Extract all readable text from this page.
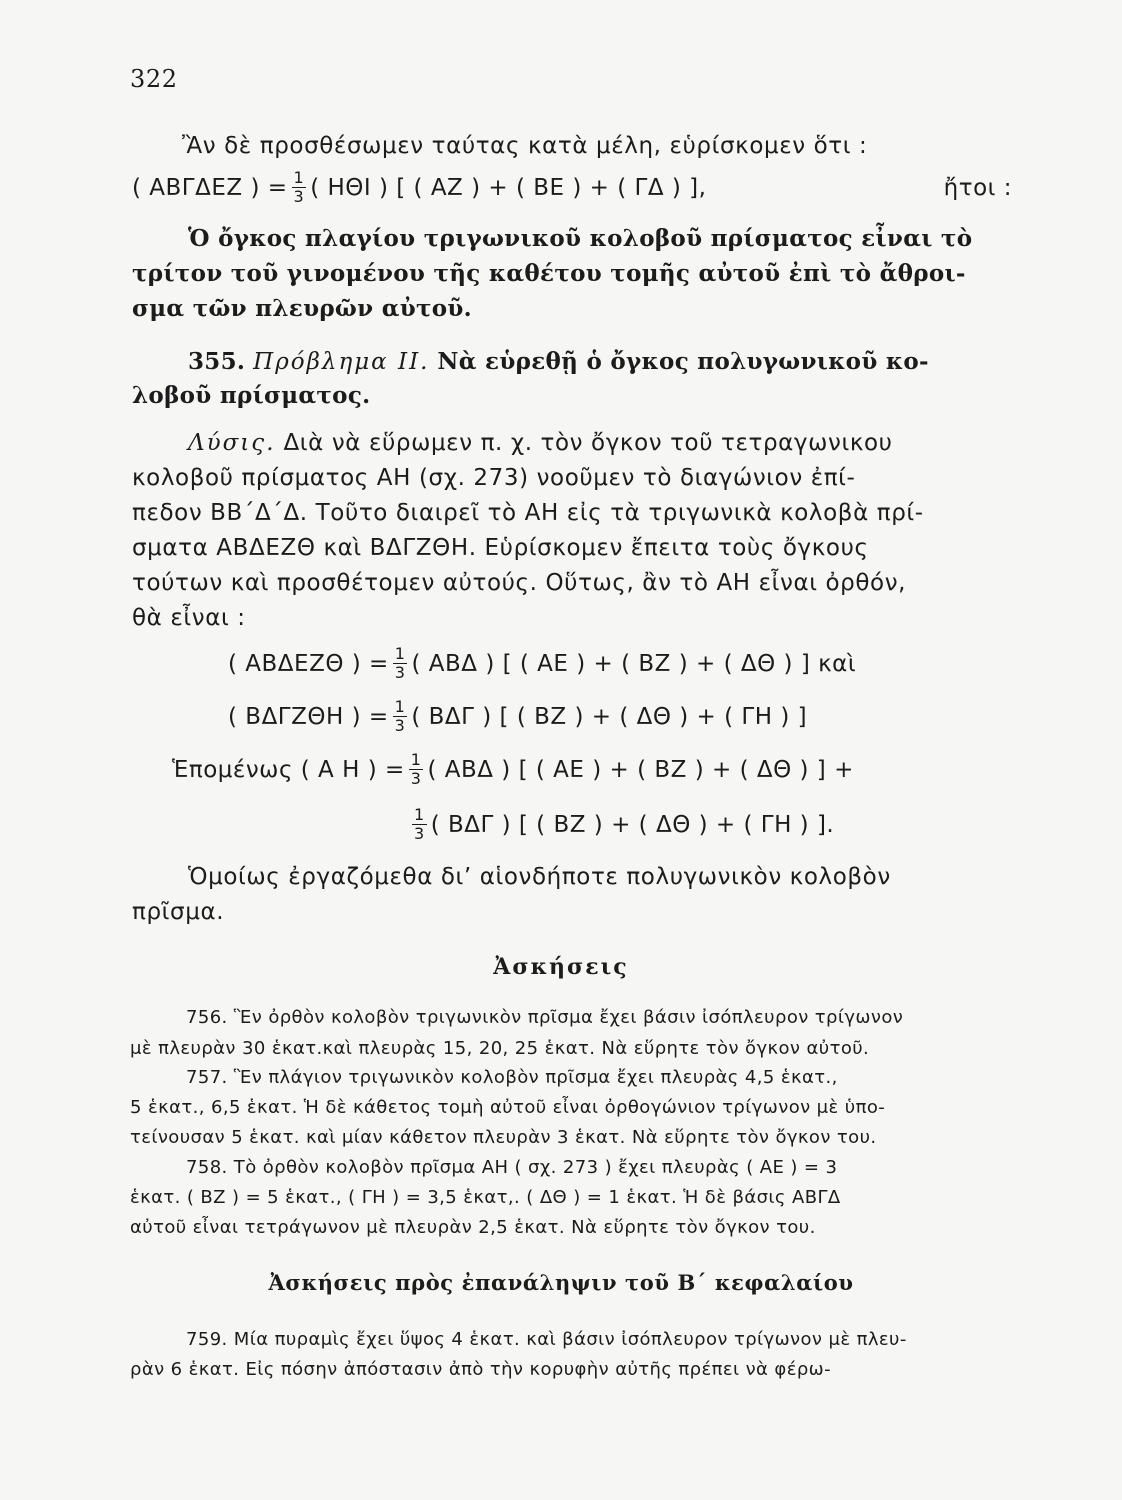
322
Ἂν δὲ προσθέσωμεν ταύτας κατὰ μέλη, εὑρίσκομεν ὅτι :
( ΑΒΓΔΕΖ ) = $\frac{1}{3}$ ( ΗΘΙ ) [ ( ΑΖ ) + ( ΒΕ ) + ( ΓΔ ) ],	ἤτοι :
Ὁ ὄγκος πλαγίου τριγωνικοῦ κολοβοῦ πρίσματος εἶναι τὸ
τρίτον τοῦ γινομένου τῆς καθέτου τομῆς αὐτοῦ ἐπὶ τὸ ἄθροι-
σμα τῶν πλευρῶν αὐτοῦ.
355. Πρόβλημα II. Νὰ εὑρεθῇ ὁ ὄγκος πολυγωνικοῦ κο-
λοβοῦ πρίσματος.
Λύσις. Διὰ νὰ εὕρωμεν π. χ. τὸν ὄγκον τοῦ τετραγωνικου
κολοβοῦ πρίσματος ΑΗ (σχ. 273) νοοῦμεν τὸ διαγώνιον ἐπί-
πεδον ΒΒ΄Δ΄Δ. Τοῦτο διαιρεῖ τὸ ΑΗ εἰς τὰ τριγωνικὰ κολοβὰ πρί-
σματα ΑΒΔΕΖΘ καὶ ΒΔΓΖΘΗ. Εὑρίσκομεν ἔπειτα τοὺς ὄγκους
τούτων καὶ προσθέτομεν αὐτούς. Οὕτως, ἂν τὸ ΑΗ εἶναι ὀρθόν,
θὰ εἶναι :
( ΑΒΔΕΖΘ ) = $\frac{1}{3}$ ( ΑΒΔ ) [ ( ΑΕ ) + ( ΒΖ ) + ( ΔΘ ) ] καὶ
( ΒΔΓΖΘΗ ) = $\frac{1}{3}$ ( ΒΔΓ ) [ ( ΒΖ ) + ( ΔΘ ) + ( ΓΗ ) ]
Ἑπομένως ( Α Η ) = $\frac{1}{3}$ ( ΑΒΔ ) [ ( ΑΕ ) + ( ΒΖ ) + ( ΔΘ ) ] +
$\frac{1}{3}$ ( ΒΔΓ ) [ ( ΒΖ ) + ( ΔΘ ) + ( ΓΗ ) ].
Ὁμοίως ἐργαζόμεθα δι’ αἱονδήποτε πολυγωνικὸν κολοβὸν
πρῖσμα.
Ἀσκήσεις
756. Ἓν ὀρθὸν κολοβὸν τριγωνικὸν πρῖσμα ἔχει βάσιν ἰσόπλευρον τρίγωνον
μὲ πλευρὰν 30 ἑκατ.καὶ πλευρὰς 15, 20, 25 ἑκατ. Νὰ εὕρητε τὸν ὄγκον αὐτοῦ.
757. Ἓν πλάγιον τριγωνικὸν κολοβὸν πρῖσμα ἔχει πλευρὰς 4,5 ἑκατ.,
5 ἑκατ., 6,5 ἑκατ. Ἡ δὲ κάθετος τομὴ αὐτοῦ εἶναι ὀρθογώνιον τρίγωνον μὲ ὑπο-
τείνουσαν 5 ἑκατ. καὶ μίαν κάθετον πλευρὰν 3 ἑκατ. Νὰ εὕρητε τὸν ὄγκον του.
758. Τὸ ὀρθὸν κολοβὸν πρῖσμα ΑΗ ( σχ. 273 ) ἔχει πλευρὰς ( ΑΕ ) = 3
ἑκατ. ( ΒΖ ) = 5 ἑκατ., ( ΓΗ ) = 3,5 ἑκατ,. ( ΔΘ ) = 1 ἑκατ. Ἡ δὲ βάσις ΑΒΓΔ
αὐτοῦ εἶναι τετράγωνον μὲ πλευρὰν 2,5 ἑκατ. Νὰ εὕρητε τὸν ὄγκον του.
Ἀσκήσεις πρὸς ἐπανάληψιν τοῦ Β΄ κεφαλαίου
759. Μία πυραμὶς ἔχει ὕψος 4 ἑκατ. καὶ βάσιν ἰσόπλευρον τρίγωνον μὲ πλευ-
ρὰν 6 ἑκατ. Εἰς πόσην ἀπόστασιν ἀπὸ τὴν κορυφὴν αὐτῆς πρέπει νὰ φέρω-
